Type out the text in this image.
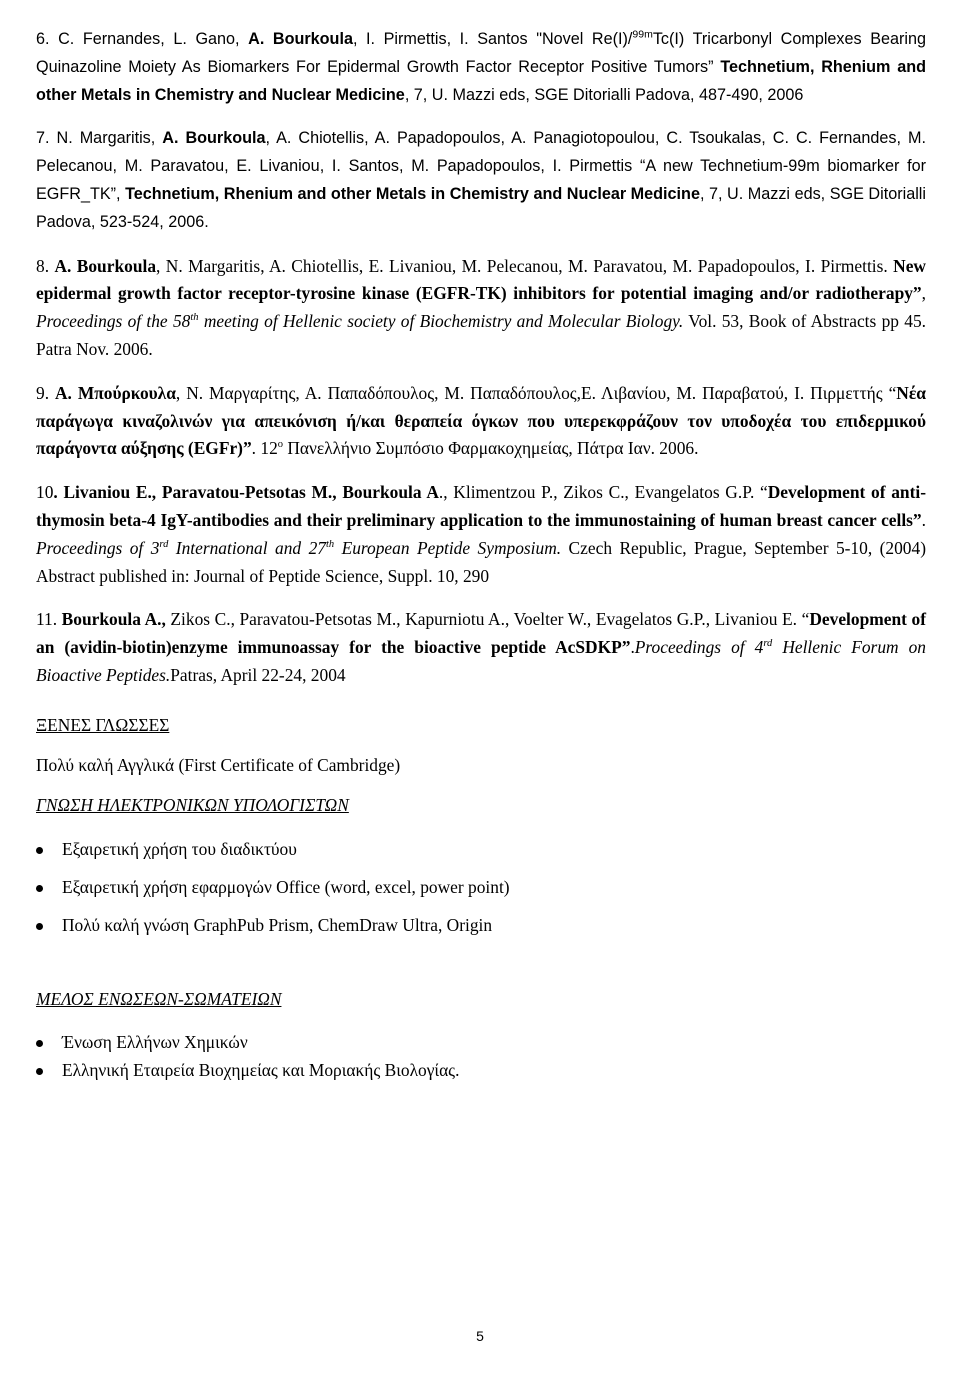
6. C. Fernandes, L. Gano, A. Bourkoula, I. Pirmettis, I. Santos "Novel Re(I)/$^{99m}$Tc(I) Tricarbonyl Complexes Bearing Quinazoline Moiety As Biomarkers For Epidermal Growth Factor Receptor Positive Tumors” Technetium, Rhenium and other Metals in Chemistry and Nuclear Medicine, 7, U. Mazzi eds, SGE Ditorialli Padova, 487-490, 2006

7. N. Margaritis, A. Bourkoula, A. Chiotellis, A. Papadopoulos, A. Panagiotopoulou, C. Tsoukalas, C. C. Fernandes, M. Pelecanou, M. Paravatou, E. Livaniou, I. Santos, M. Papadopoulos, I. Pirmettis “A new Technetium-99m biomarker for EGFR_TK”, Technetium, Rhenium and other Metals in Chemistry and Nuclear Medicine, 7, U. Mazzi eds, SGE Ditorialli Padova, 523-524, 2006.

8. A. Bourkoula, N. Margaritis, A. Chiotellis, E. Livaniou, M. Pelecanou, M. Paravatou, M. Papadopoulos, I. Pirmettis. New epidermal growth factor receptor-tyrosine kinase (EGFR-TK) inhibitors for potential imaging and/or radiotherapy”, Proceedings of the 58th meeting of Hellenic society of Biochemistry and Molecular Biology. Vol. 53, Book of Abstracts pp 45. Patra Nov. 2006.

9. Α. Μπούρκουλα, Ν. Μαργαρίτης, Α. Παπαδόπουλος, Μ. Παπαδόπουλος,Ε. Λιβανίου, Μ. Παραβατού, Ι. Πιρμεττής “Νέα παράγωγα κιναζολινών για απεικόνιση ή/και θεραπεία όγκων που υπερεκφράζουν τον υποδοχέα του επιδερμικού παράγοντα αύξησης (EGFr)”. $12^o$ Πανελλήνιο Συμπόσιο Φαρμακοχημείας, Πάτρα Ιαν. 2006.

10. Livaniou E., Paravatou-Petsotas M., Bourkoula A., Klimentzou P., Zikos C., Evangelatos G.P. “Development of anti-thymosin beta-4 IgY-antibodies and their preliminary application to the immunostaining of human breast cancer cells”. Proceedings of 3rd International and 27th European Peptide Symposium. Czech Republic, Prague, September 5-10, (2004) Abstract published in: Journal of Peptide Science, Suppl. 10, 290

11. Bourkoula A., Zikos C., Paravatou-Petsotas M., Kapurniotu A., Voelter W., Evagelatos G.P., Livaniou E. “Development of an (avidin-biotin)enzyme immunoassay for the bioactive peptide AcSDKP”.Proceedings of 4rd Hellenic Forum on Bioactive Peptides.Patras, April 22-24, 2004

ΞΕΝΕΣ ΓΛΩΣΣΕΣ

Πολύ καλή Αγγλικά (First Certificate of Cambridge)

ΓΝΩΣΗ ΗΛΕΚΤΡΟΝΙΚΩΝ ΥΠΟΛΟΓΙΣΤΩΝ

Εξαιρετική χρήση του διαδικτύου
Εξαιρετική χρήση εφαρμογών Office (word, excel, power point)
Πολύ καλή γνώση GraphPub Prism, ChemDraw Ultra, Origin

ΜΕΛΟΣ ΕΝΩΣΕΩΝ-ΣΩΜΑΤΕΙΩΝ

Ένωση Ελλήνων Χημικών
Ελληνική Εταιρεία Βιοχημείας και Μοριακής Βιολογίας.
5
